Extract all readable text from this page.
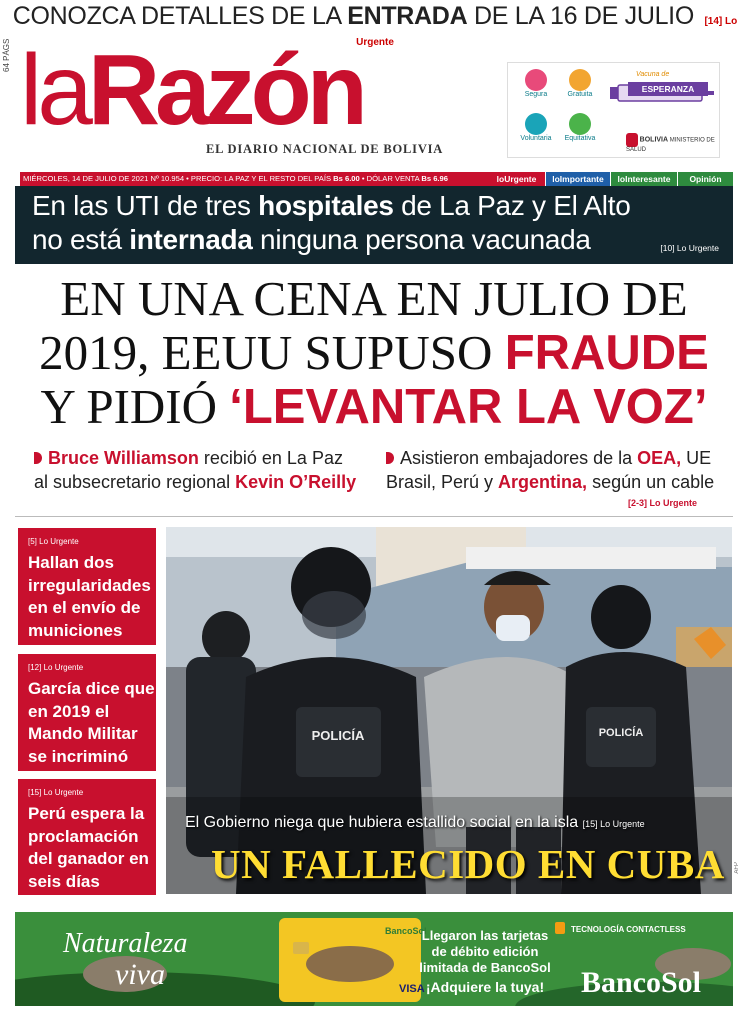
CONOZCA DETALLES DE LA ENTRADA DE LA 16 DE JULIO [14] Lo Urgente
64 PÁGS laRazón
EL DIARIO NACIONAL DE BOLIVIA
Segura	Gratuita
Voluntaria	Equitativa
Vacuna de
ESPERANZA
BOLIVIA MINISTERIO DE SALUD
MIÉRCOLES, 14 DE JULIO DE 2021 Nº 10.954 • PRECIO: LA PAZ Y EL RESTO DEL PAÍS Bs 6.00 • DÓLAR VENTA Bs 6.96	loUrgente	loImportante	loInteresante	Opinión
En las UTI de tres hospitales de La Paz y El Alto
no está internada ninguna persona vacunada	[10] Lo Urgente
EN UNA CENA EN JULIO DE
2019, EEUU SUPUSO FRAUDE
Y PIDIÓ ‘LEVANTAR LA VOZ’
Bruce Williamson recibió en La Paz
al subsecretario regional Kevin O’Reilly
Asistieron embajadores de la OEA, UE
Brasil, Perú y Argentina, según un cable
[2-3] Lo Urgente
[5] Lo Urgente
Hallan dos irregularidades en el envío de municiones
[12] Lo Urgente
García dice que en 2019 el Mando Militar se incriminó
[15] Lo Urgente
Perú espera la proclamación del ganador en seis días
POLICÍA	POLICÍA
El Gobierno niega que hubiera estallido social en la isla [15] Lo Urgente
UN FALLECIDO EN CUBA AFP
Naturaleza
viva
BancoSol
VISA
Llegaron las tarjetas
de débito edición
limitada de BancoSol
¡Adquiere la tuya!
TECNOLOGÍA CONTACTLESS
BancoSol
